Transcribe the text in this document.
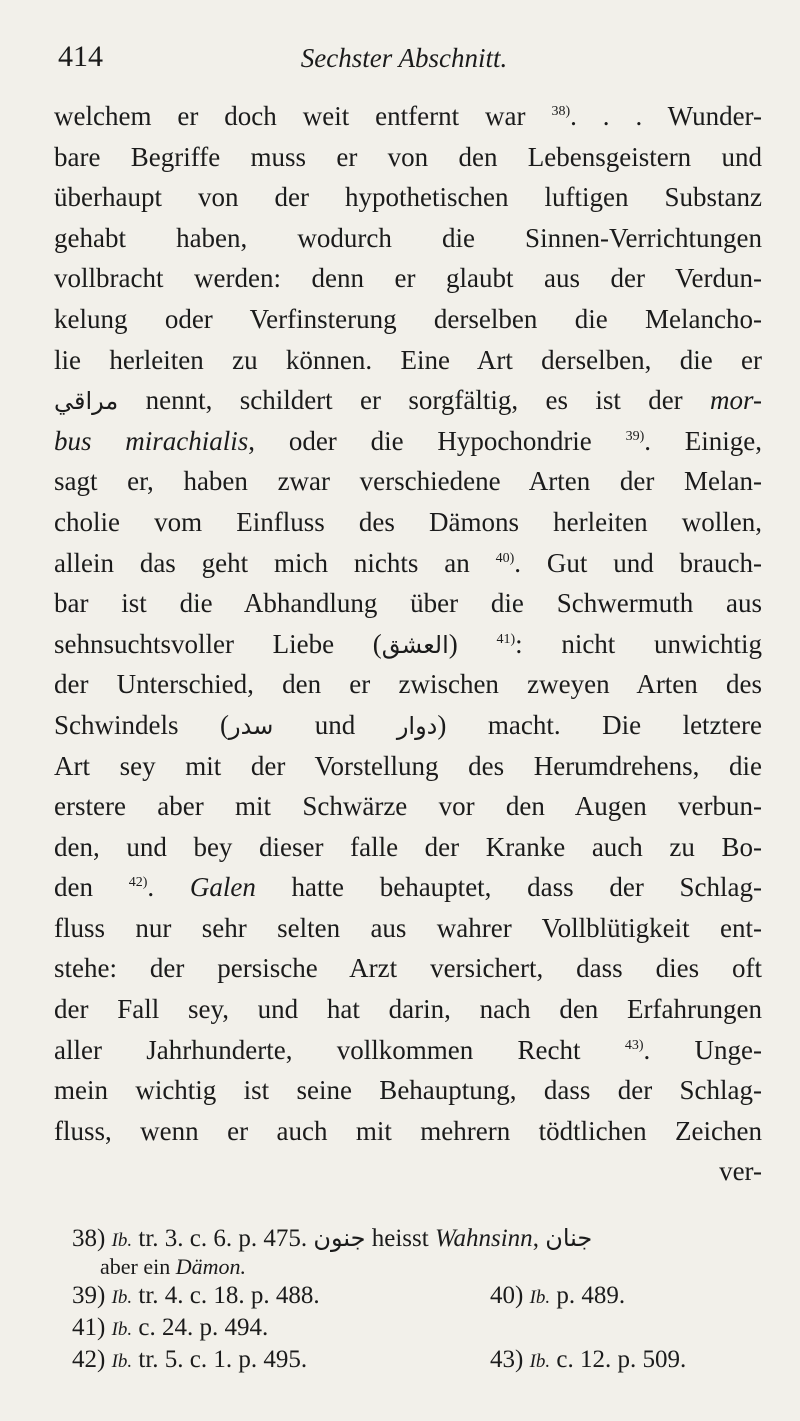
414	Sechster Abschnitt.
welchem er doch weit entfernt war $^{38)}$. . . Wunder-
bare Begriffe muss er von den Lebensgeistern und
überhaupt von der hypothetischen luftigen Substanz
gehabt haben, wodurch die Sinnen-Verrichtungen
vollbracht werden: denn er glaubt aus der Verdun-
kelung oder Verfinsterung derselben die Melancho-
lie herleiten zu können. Eine Art derselben, die er
مراقي nennt, schildert er sorgfältig, es ist der mor-
bus mirachialis, oder die Hypochondrie $^{39)}$. Einige,
sagt er, haben zwar verschiedene Arten der Melan-
cholie vom Einfluss des Dämons herleiten wollen,
allein das geht mich nichts an $^{40)}$. Gut und brauch-
bar ist die Abhandlung über die Schwermuth aus
sehnsuchtsvoller Liebe (العشق) $^{41)}$: nicht unwichtig
der Unterschied, den er zwischen zweyen Arten des
Schwindels (سدر und دوار) macht. Die letztere
Art sey mit der Vorstellung des Herumdrehens, die
erstere aber mit Schwärze vor den Augen verbun-
den, und bey dieser falle der Kranke auch zu Bo-
den $^{42)}$. Galen hatte behauptet, dass der Schlag-
fluss nur sehr selten aus wahrer Vollblütigkeit ent-
stehe: der persische Arzt versichert, dass dies oft
der Fall sey, und hat darin, nach den Erfahrungen
aller Jahrhunderte, vollkommen Recht $^{43)}$. Unge-
mein wichtig ist seine Behauptung, dass der Schlag-
fluss, wenn er auch mit mehrern tödtlichen Zeichen
ver-
38) Ib. tr. 3. c. 6. p. 475. جنون heisst Wahnsinn, جنان
aber ein Dämon.
39) Ib. tr. 4. c. 18. p. 488.	40) Ib. p. 489.
41) Ib. c. 24. p. 494.
42) Ib. tr. 5. c. 1. p. 495.	43) Ib. c. 12. p. 509.
